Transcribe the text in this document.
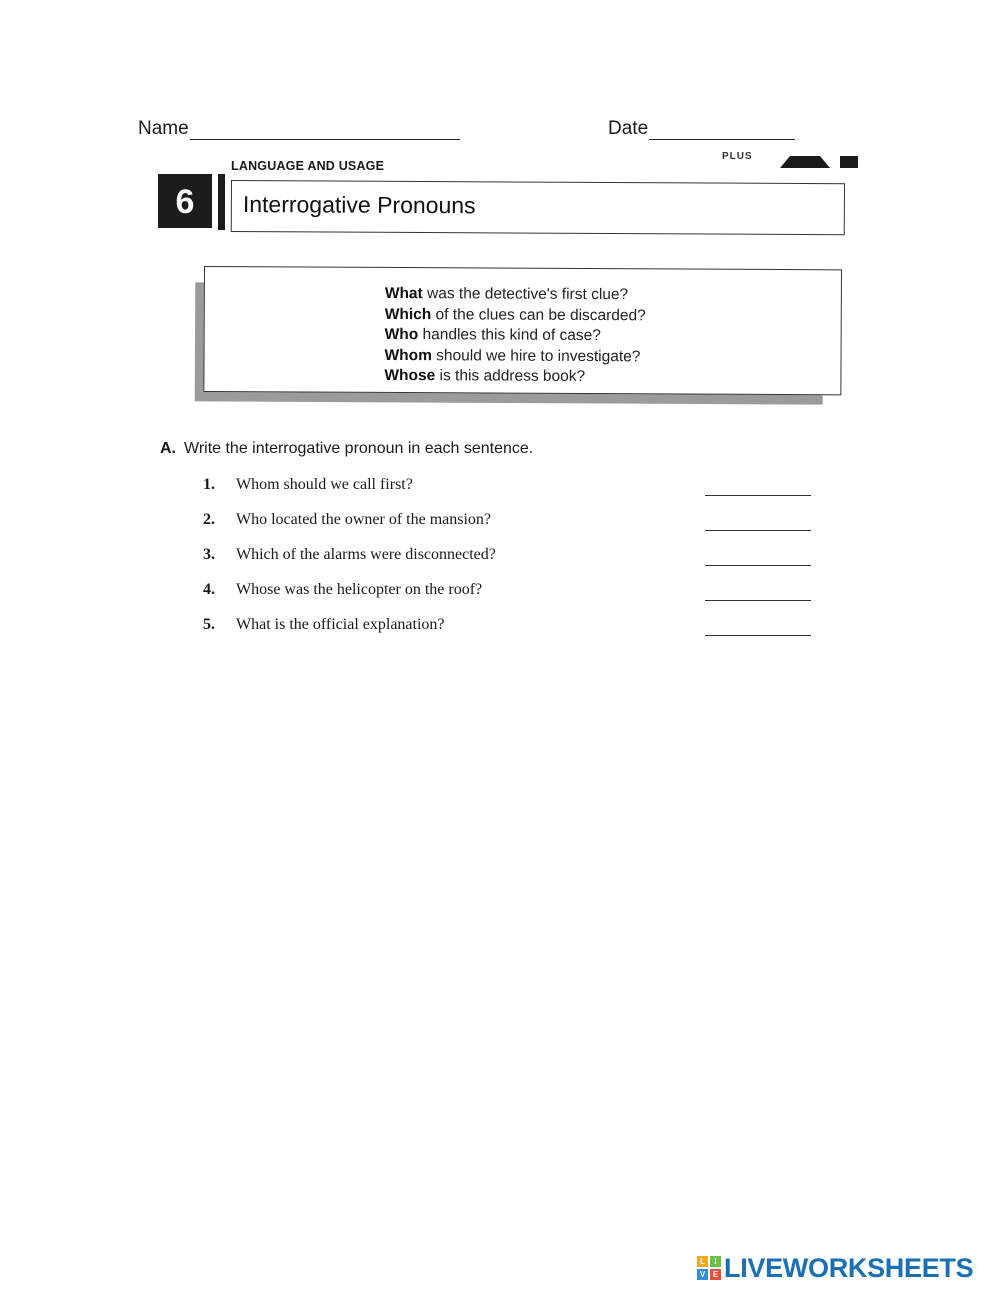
Name	Date
LANGUAGE AND USAGE
PLUS
6	Interrogative Pronouns
What was the detective's first clue?
Which of the clues can be discarded?
Who handles this kind of case?
Whom should we hire to investigate?
Whose is this address book?
A. Write the interrogative pronoun in each sentence.
1. Whom should we call first?
2. Who located the owner of the mansion?
3. Which of the alarms were disconnected?
4. Whose was the helicopter on the roof?
5. What is the official explanation?
L	I
V E LIVEWORKSHEETS
